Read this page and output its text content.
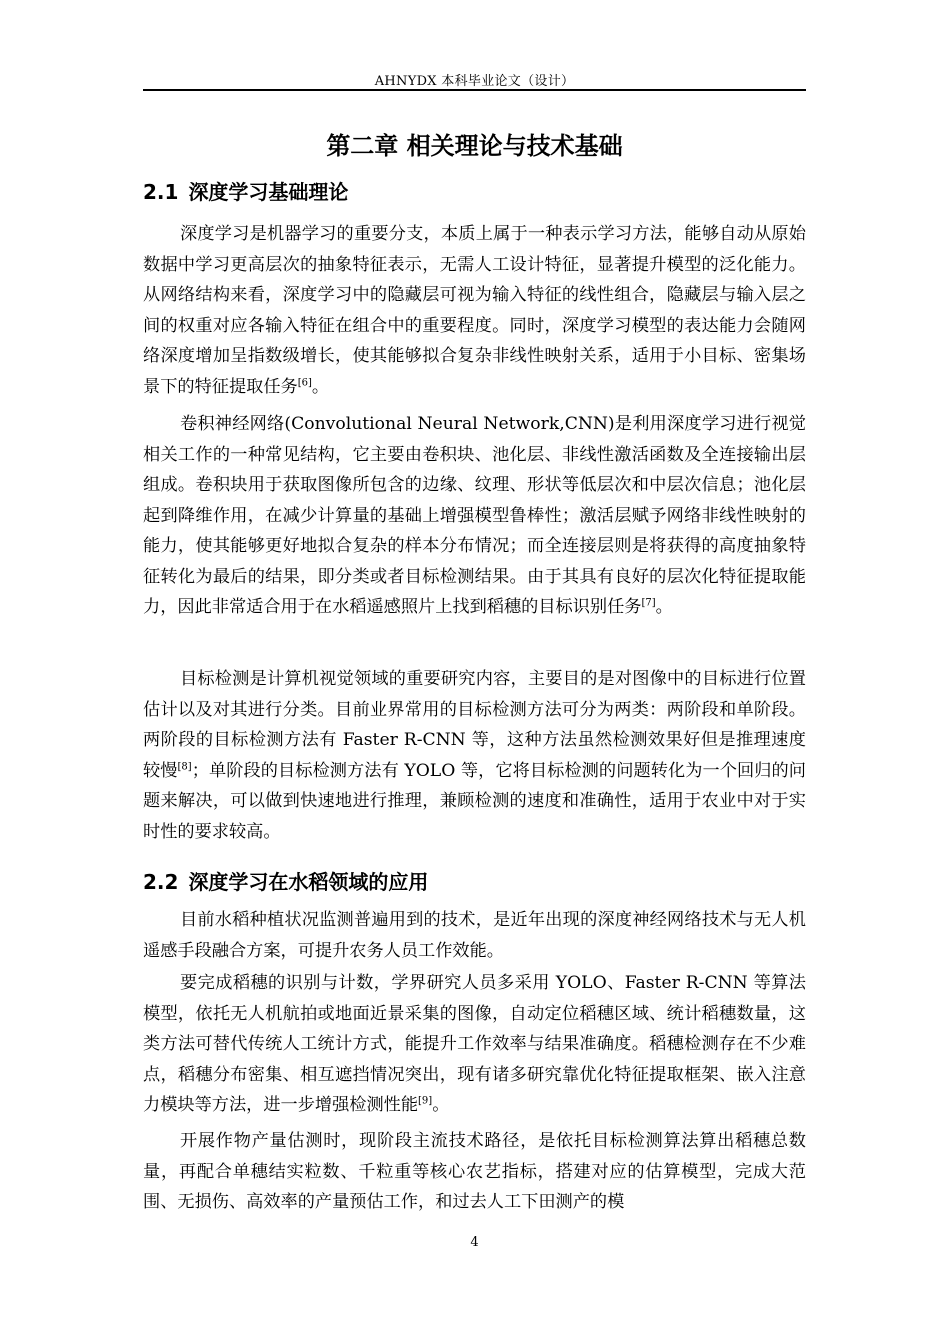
AHNYDX 本科毕业论文（设计）
第二章 相关理论与技术基础
2.1 深度学习基础理论

深度学习是机器学习的重要分支，本质上属于一种表示学习方法，能够自动从原始数据中学习更高层次的抽象特征表示，无需人工设计特征，显著提升模型的泛化能力。从网络结构来看，深度学习中的隐藏层可视为输入特征的线性组合，隐藏层与输入层之间的权重对应各输入特征在组合中的重要程度。同时，深度学习模型的表达能力会随网络深度增加呈指数级增长，使其能够拟合复杂非线性映射关系，适用于小目标、密集场景下的特征提取任务[6]。

卷积神经网络(Convolutional Neural Network,CNN)是利用深度学习进行视觉相关工作的一种常见结构，它主要由卷积块、池化层、非线性激活函数及全连接输出层组成。卷积块用于获取图像所包含的边缘、纹理、形状等低层次和中层次信息；池化层起到降维作用，在减少计算量的基础上增强模型鲁棒性；激活层赋予网络非线性映射的能力，使其能够更好地拟合复杂的样本分布情况；而全连接层则是将获得的高度抽象特征转化为最后的结果，即分类或者目标检测结果。由于其具有良好的层次化特征提取能力，因此非常适合用于在水稻遥感照片上找到稻穗的目标识别任务[7]。

目标检测是计算机视觉领域的重要研究内容，主要目的是对图像中的目标进行位置估计以及对其进行分类。目前业界常用的目标检测方法可分为两类：两阶段和单阶段。两阶段的目标检测方法有 Faster R-CNN 等，这种方法虽然检测效果好但是推理速度较慢[8]；单阶段的目标检测方法有 YOLO 等，它将目标检测的问题转化为一个回归的问题来解决，可以做到快速地进行推理，兼顾检测的速度和准确性，适用于农业中对于实时性的要求较高。

2.2 深度学习在水稻领域的应用

目前水稻种植状况监测普遍用到的技术，是近年出现的深度神经网络技术与无人机遥感手段融合方案，可提升农务人员工作效能。

要完成稻穗的识别与计数，学界研究人员多采用 YOLO、Faster R-CNN 等算法模型，依托无人机航拍或地面近景采集的图像，自动定位稻穗区域、统计稻穗数量，这类方法可替代传统人工统计方式，能提升工作效率与结果准确度。稻穗检测存在不少难点，稻穗分布密集、相互遮挡情况突出，现有诸多研究靠优化特征提取框架、嵌入注意力模块等方法，进一步增强检测性能[9]。

开展作物产量估测时，现阶段主流技术路径，是依托目标检测算法算出稻穗总数量，再配合单穗结实粒数、千粒重等核心农艺指标，搭建对应的估算模型，完成大范围、无损伤、高效率的产量预估工作，和过去人工下田测产的模

4
